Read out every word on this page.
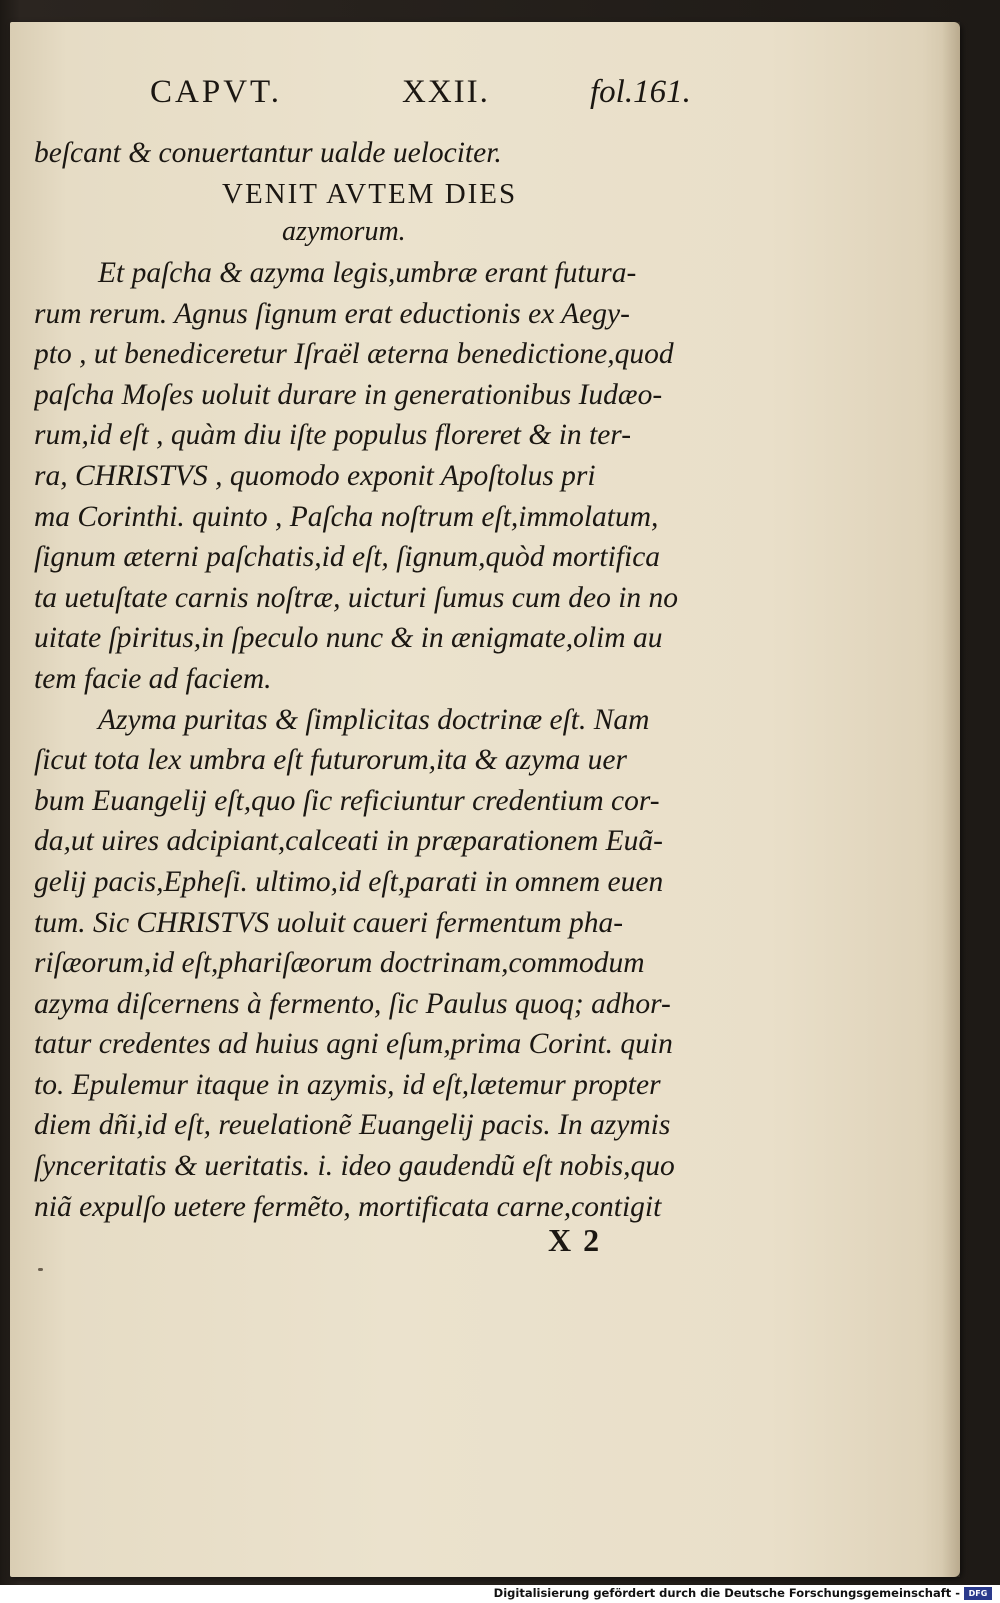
CAPVT.	XXII.	fol.161.
beſcant & conuertantur ualde uelociter.
VENIT AVTEM DIES
azymorum.
Et paſcha & azyma legis,umbræ erant futura-
rum rerum. Agnus ſignum erat eductionis ex Aegy-
pto , ut benediceretur Iſraël æterna benedictione,quod
paſcha Moſes uoluit durare in generationibus Iudæo-
rum,id eſt , quàm diu iſte populus floreret & in ter-
ra, CHRISTVS , quomodo exponit Apoſtolus pri
ma Corinthi. quinto , Paſcha noſtrum eſt,immolatum,
ſignum æterni paſchatis,id eſt, ſignum,quòd mortifica
ta uetuſtate carnis noſtræ, uicturi ſumus cum deo in no
uitate ſpiritus,in ſpeculo nunc & in ænigmate,olim au
tem facie ad faciem.
Azyma puritas & ſimplicitas doctrinæ eſt. Nam
ſicut tota lex umbra eſt futurorum,ita & azyma uer
bum Euangelij eſt,quo ſic reficiuntur credentium cor-
da,ut uires adcipiant,calceati in præparationem Euã-
gelij pacis,Epheſi. ultimo,id eſt,parati in omnem euen
tum. Sic CHRISTVS uoluit caueri fermentum pha-
riſæorum,id eſt,phariſæorum doctrinam,commodum
azyma diſcernens à fermento, ſic Paulus quoq; adhor-
tatur credentes ad huius agni eſum,prima Corint. quin
to. Epulemur itaque in azymis, id eſt,lætemur propter
diem dñi,id eſt, reuelationẽ Euangelij pacis. In azymis
ſynceritatis & ueritatis. i. ideo gaudendũ eſt nobis,quo
niã expulſo uetere fermẽto, mortificata carne,contigit
X 2
Digitalisierung gefördert durch die Deutsche Forschungsgemeinschaft -	DFG
